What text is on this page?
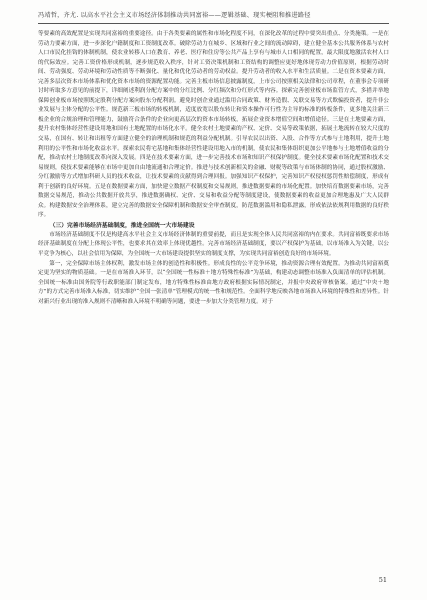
冯靖哲，齐尤. 以高水平社会主义市场经济体制推动共同富裕——逻辑基础、现实梗阻和推进路径

等要素的高效配置是实现共同富裕的重要途径。由于各类要素的属性和市场化程度不同，在深化改革的过程中要突出重点、分类施策。一是在劳动力要素方面，进一步深化户籍制度和工资制度改革。破除劳动力在城乡、区域和行业之间的流动障碍，建立健全基本公共服务体系与农村人口市民化挂钩的体制机制，使农业转移人口在教育、养老、医疗和住房等公共产品上享有与城市人口相同的配置，最大限度地激活农村人口的代际效应。完善工资价格形成机制，逐步规范收入秩序，针对工资决策机制和工资结构的调整应更好地体现劳动力价值原则，根据劳动时间、劳动强度、劳动环境和劳动性质等不断强化、量化和优化劳动者的劳动权益。提升劳动者的收入水平和生活质量。二是在资本要素方面，完善多层次资本市场体系和优化资本市场的资源配置功能。完善主板市场信息披露制度，上市公司按照相关法律和公司章程，在董事会专项研讨时听取多方意见的前提下，详细阐述利润分配方案中的分红比例、分红频次和分红形式等内容。探索完善创业板市场监管方式，多措并举地保障创业板市场按照既定股利分配方案向股东分配利润。避免时创企业通过滥用合同政策、财务造假、关联交易等方式欺骗投资者，提升非公业发展与主体分配的公平性。规范新三板市场的转板机制，适度放宽以股东转让和资本操作可行性为主导的标准的转板条件，更多地关注新三板企业的合规治理和管理能力，鼓励符合条件的企业向更高层次的资本市场转板，拓展企业资本增值空间和增值途径。三是在土地要素方面，提升农村集体经营性建设用地和国有土地配置的市场化水平。健全农村土地要素的产权、定价、交易等政策依据，拓展土地流转在较大尺度的交易，在国有、转让和出租等方面建立健全的治理机制和规范的利益分配机制。引导农民以出资、入股、合作等方式参与土地利用，提升土地利用的公平性和市场化收益水平。探索农民将宅基地和集体经营性建设用地入市的机制，使农民和集体组织更加公平地参与土地增值收益的分配，推动农村土地制度改革向深入发展。四是在技术要素方面，进一步完善技术市场和知识产权保护制度。健全技术要素市场化配置和技术交易规则，使技术要素能够在市场中更加自由地流通和合理定价。推进与技术创新相关的金融、财税等政策与市场体制的协同，通过股权激励、分红激励等方式增加科研人员的技术收益，让技术要素的贡献得到合理回报。加强知识产权保护，完善知识产权侵权惩罚性赔偿制度，形成有利于创新的良好环境。五是在数据要素方面，加快建立数据产权制度和交易规则，推进数据要素的市场化配置。加快培育数据要素市场，完善数据交易规范，推动公共数据开放共享，推进数据确权、定价、交易和收益分配等制度建设，使数据要素的收益更加合理地惠及广大人民群众。构建数据安全治理体系，建立完善的数据安全保障机制和数据安全审查制度，防范数据滥用和隐私泄露，形成依法依规利用数据的良好秩序。

（三）完善市场经济基础制度，推进全国统一大市场建设

市场经济基础制度不仅是构建高水平社会主义市场经济体制的重要前提，而且是实现全体人民共同富裕的内在要求。共同富裕既要求市场经济基础制度在分配上体现公平性，也要求其在效率上体现优越性。完善市场经济基础制度，要以产权保护为基础，以市场准入为关键，以公平竞争为核心，以社会信用为保障，为全国统一大市场建设提供坚实的制度支撑，为实现共同富裕创造良好的市场环境。

第一，完全保障市场主体权利，激发市场主体的创造性和积极性。形成良性的公平竞争环境，推动资源合理有效配置。为推动共同富裕奠定更为坚实的物质基础。一是在市场准入环节，以“全国统一性标准＋地方特殊性标准”为基础，构建动态调整市场准入负面清单的评估机制。全国统一标准由国务院等行政职能部门制定发布，地方特殊性标准由地方政府根据实际情况制定，并报中央政府审核备案。通过“中央＋地方”的方式完善市场准入标准，切实维护“全国一张清单”管理模式的统一性和规范性。全面科学地反映各地市场准入环境的特殊性和差异性。针对新兴行业出现的准入规则不清晰和准入环境不明确等问题，要进一步加大分类管理力度。对于

51
